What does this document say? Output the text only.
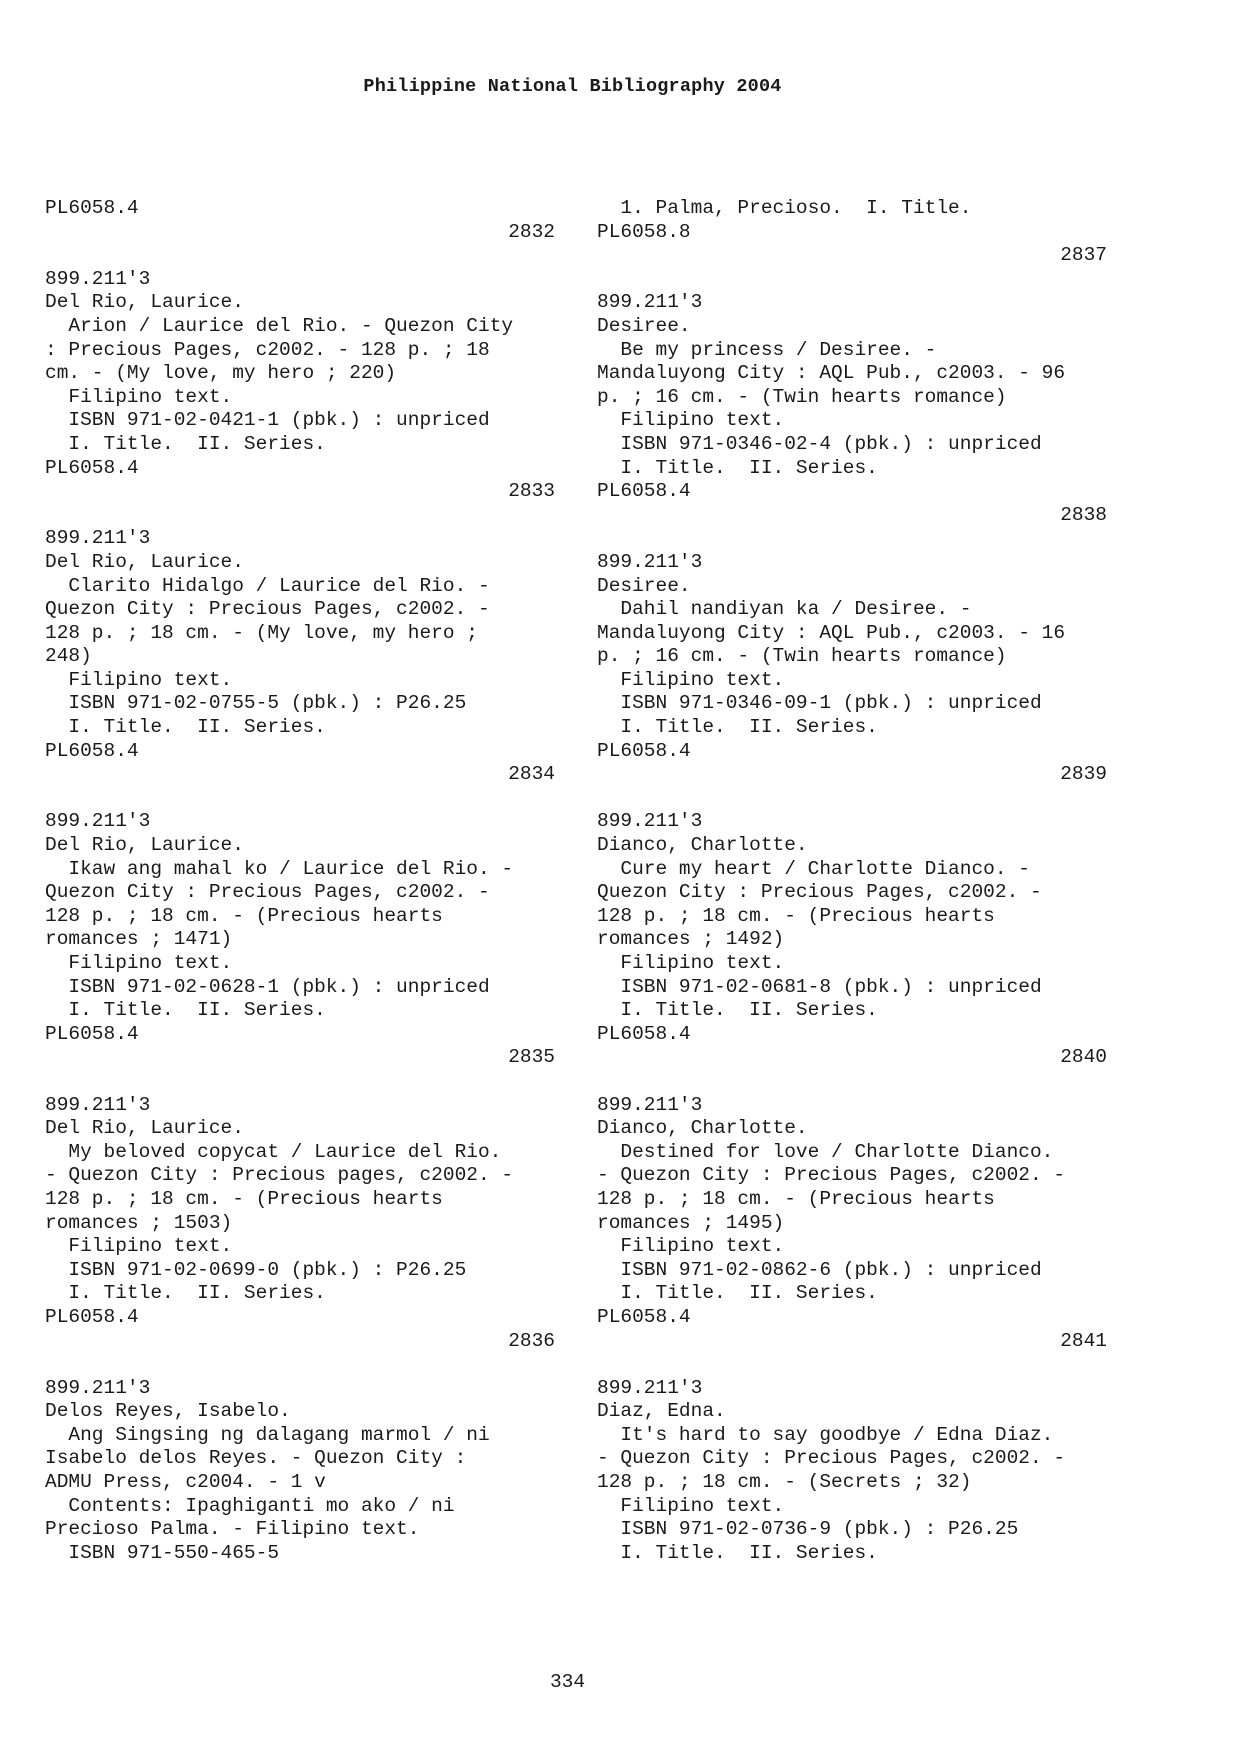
Philippine National Bibliography 2004
PL6058.4
2832
899.211'3
Del Rio, Laurice.
Arion / Laurice del Rio. - Quezon City
: Precious Pages, c2002. - 128 p. ; 18
cm. - (My love, my hero ; 220)
Filipino text.
ISBN 971-02-0421-1 (pbk.) : unpriced
I. Title.  II. Series.
PL6058.4
2833
899.211'3
Del Rio, Laurice.
Clarito Hidalgo / Laurice del Rio. -
Quezon City : Precious Pages, c2002. -
128 p. ; 18 cm. - (My love, my hero ;
248)
Filipino text.
ISBN 971-02-0755-5 (pbk.) : P26.25
I. Title.  II. Series.
PL6058.4
2834
899.211'3
Del Rio, Laurice.
Ikaw ang mahal ko / Laurice del Rio. -
Quezon City : Precious Pages, c2002. -
128 p. ; 18 cm. - (Precious hearts
romances ; 1471)
Filipino text.
ISBN 971-02-0628-1 (pbk.) : unpriced
I. Title.  II. Series.
PL6058.4
2835
899.211'3
Del Rio, Laurice.
My beloved copycat / Laurice del Rio.
- Quezon City : Precious pages, c2002. -
128 p. ; 18 cm. - (Precious hearts
romances ; 1503)
Filipino text.
ISBN 971-02-0699-0 (pbk.) : P26.25
I. Title.  II. Series.
PL6058.4
2836
899.211'3
Delos Reyes, Isabelo.
Ang Singsing ng dalagang marmol / ni
Isabelo delos Reyes. - Quezon City :
ADMU Press, c2004. - 1 v
Contents: Ipaghiganti mo ako / ni
Precioso Palma. - Filipino text.
ISBN 971-550-465-5
1. Palma, Precioso.  I. Title.
PL6058.8
2837
899.211'3
Desiree.
Be my princess / Desiree. -
Mandaluyong City : AQL Pub., c2003. - 96
p. ; 16 cm. - (Twin hearts romance)
Filipino text.
ISBN 971-0346-02-4 (pbk.) : unpriced
I. Title.  II. Series.
PL6058.4
2838
899.211'3
Desiree.
Dahil nandiyan ka / Desiree. -
Mandaluyong City : AQL Pub., c2003. - 16
p. ; 16 cm. - (Twin hearts romance)
Filipino text.
ISBN 971-0346-09-1 (pbk.) : unpriced
I. Title.  II. Series.
PL6058.4
2839
899.211'3
Dianco, Charlotte.
Cure my heart / Charlotte Dianco. -
Quezon City : Precious Pages, c2002. -
128 p. ; 18 cm. - (Precious hearts
romances ; 1492)
Filipino text.
ISBN 971-02-0681-8 (pbk.) : unpriced
I. Title.  II. Series.
PL6058.4
2840
899.211'3
Dianco, Charlotte.
Destined for love / Charlotte Dianco.
- Quezon City : Precious Pages, c2002. -
128 p. ; 18 cm. - (Precious hearts
romances ; 1495)
Filipino text.
ISBN 971-02-0862-6 (pbk.) : unpriced
I. Title.  II. Series.
PL6058.4
2841
899.211'3
Diaz, Edna.
It's hard to say goodbye / Edna Diaz.
- Quezon City : Precious Pages, c2002. -
128 p. ; 18 cm. - (Secrets ; 32)
Filipino text.
ISBN 971-02-0736-9 (pbk.) : P26.25
I. Title.  II. Series.
334
